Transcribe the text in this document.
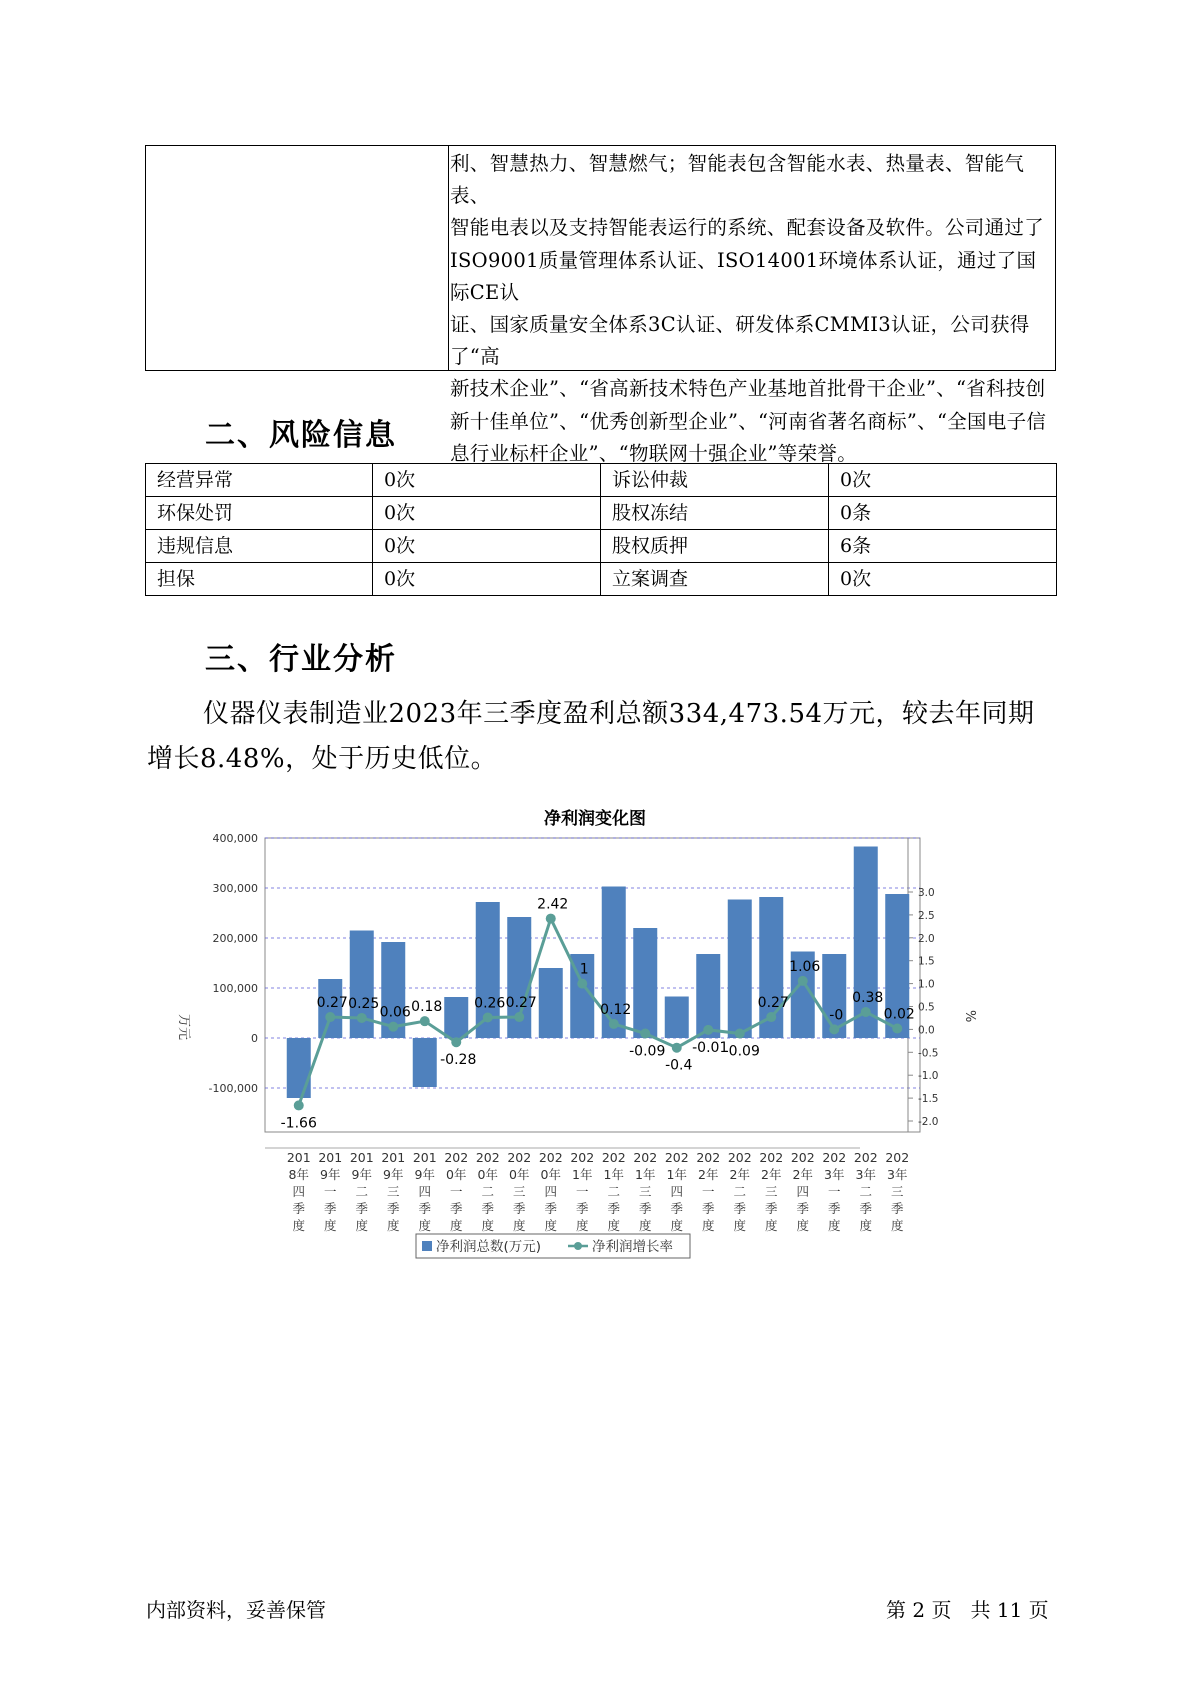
利、智慧热力、智慧燃气；智能表包含智能水表、热量表、智能气表、
智能电表以及支持智能表运行的系统、配套设备及软件。公司通过了
ISO9001质量管理体系认证、ISO14001环境体系认证，通过了国际CE认
证、国家质量安全体系3C认证、研发体系CMMI3认证，公司获得了“高
新技术企业”、“省高新技术特色产业基地首批骨干企业”、“省科技创
新十佳单位”、“优秀创新型企业”、“河南省著名商标”、“全国电子信
息行业标杆企业”、“物联网十强企业”等荣誉。
二、风险信息
经营异常	0次	诉讼仲裁	0次
环保处罚	0次	股权冻结	0条
违规信息	0次	股权质押	6条
担保	0次	立案调查	0次
三、行业分析
仪器仪表制造业2023年三季度盈利总额334,473.54万元，较去年同期
增长8.48%，处于历史低位。
净利润变化图
400,000
300,000
200,000
100,000
0
-100,000
3.0
2.5
2.0
1.5
1.0
0.5
0.0
-0.5
-1.0
-1.5
-2.0
万元	%
-1.66
0.27 0.25
0.06 0.18
-0.28
0.26 0.27
2.42
1
0.12
-0.09
-0.4
-0.01
-0.09
0.27
1.06
-0
0.38
0.02
201
8年
四
季
度
201
9年
一
季
度
201
9年
二
季
度
201
9年
三
季
度
201
9年
四
季
度
202
0年
一
季
度
202
0年
二
季
度
202
0年
三
季
度
202
0年
四
季
度
202
1年
一
季
度
202
1年
二
季
度
202
1年
三
季
度
202
1年
四
季
度
202
2年
一
季
度
202
2年
二
季
度
202
2年
三
季
度
202
2年
四
季
度
202
3年
一
季
度
202
3年
二
季
度
202
3年
三
季
度
净利润总数(万元)	净利润增长率
内部资料，妥善保管	第 2 页   共 11 页
